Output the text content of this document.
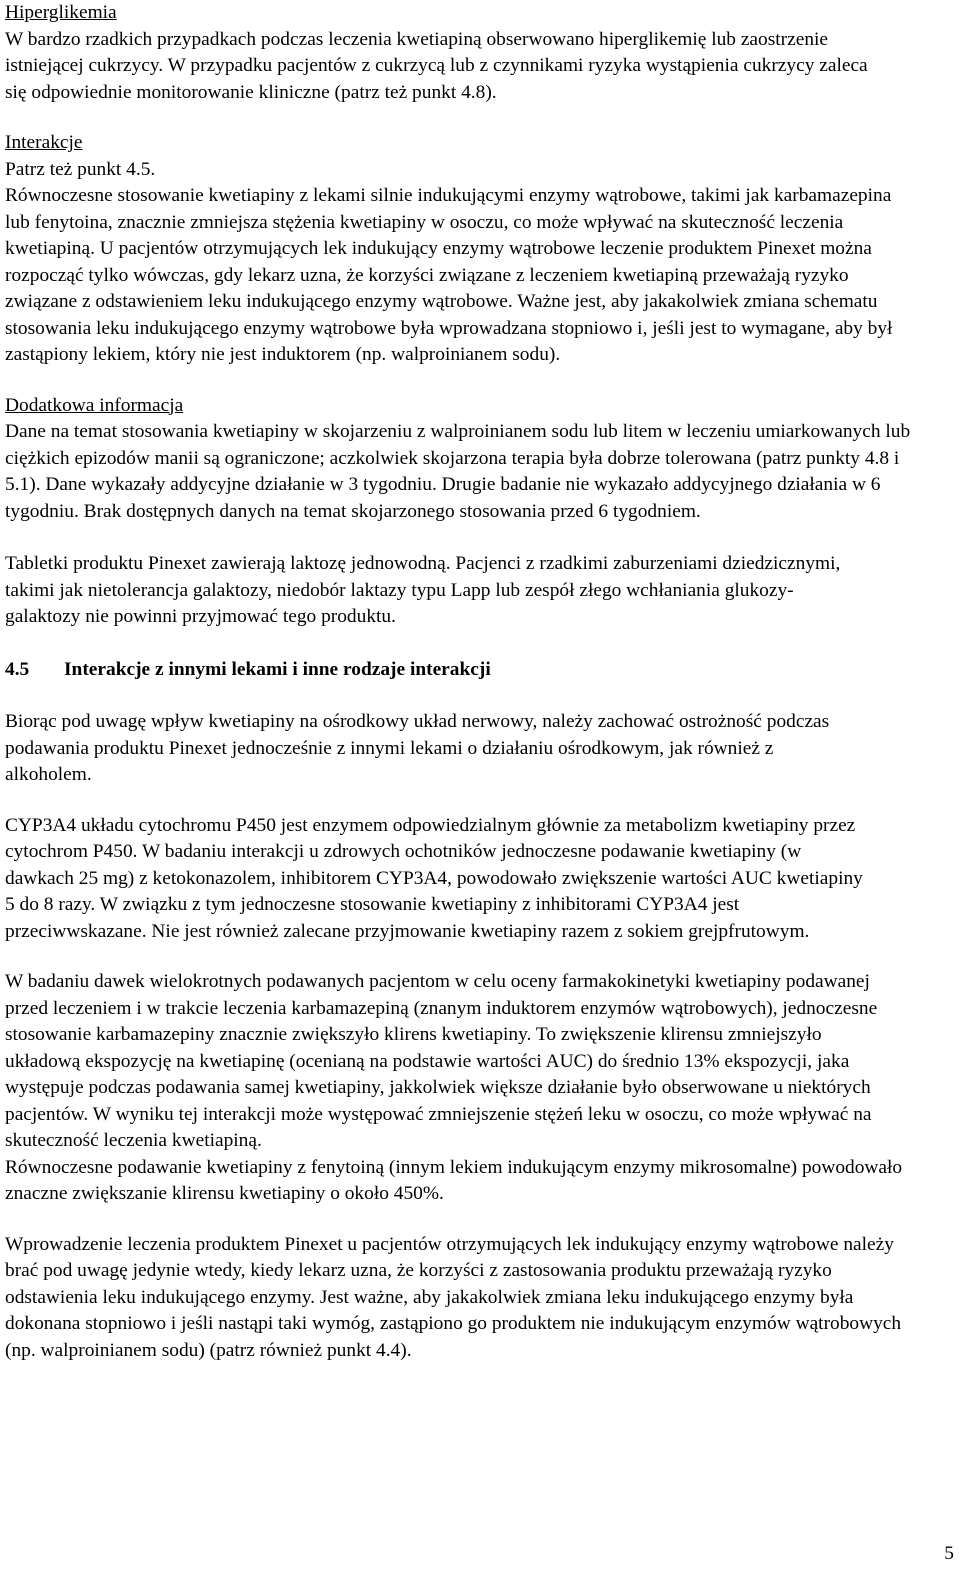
Hiperglikemia

W bardzo rzadkich przypadkach podczas leczenia kwetiapiną obserwowano hiperglikemię lub zaostrzenie istniejącej cukrzycy. W przypadku pacjentów z cukrzycą lub z czynnikami ryzyka wystąpienia cukrzycy zaleca się odpowiednie monitorowanie kliniczne (patrz też punkt 4.8).

Interakcje
Patrz też punkt 4.5.

Równoczesne stosowanie kwetiapiny z lekami silnie indukującymi enzymy wątrobowe, takimi jak karbamazepina lub fenytoina, znacznie zmniejsza stężenia kwetiapiny w osoczu, co może wpływać na skuteczność leczenia kwetiapiną. U pacjentów otrzymujących lek indukujący enzymy wątrobowe leczenie produktem Pinexet można rozpocząć tylko wówczas, gdy lekarz uzna, że korzyści związane z leczeniem kwetiapiną przeważają ryzyko związane z odstawieniem leku indukującego enzymy wątrobowe. Ważne jest, aby jakakolwiek zmiana schematu stosowania leku indukującego enzymy wątrobowe była wprowadzana stopniowo i, jeśli jest to wymagane, aby był zastąpiony lekiem, który nie jest induktorem (np. walproinianem sodu).

Dodatkowa informacja

Dane na temat stosowania kwetiapiny w skojarzeniu z walproinianem sodu lub litem w leczeniu umiarkowanych lub ciężkich epizodów manii są ograniczone; aczkolwiek skojarzona terapia była dobrze tolerowana (patrz punkty 4.8 i 5.1). Dane wykazały addycyjne działanie w 3 tygodniu. Drugie badanie nie wykazało addycyjnego działania w 6 tygodniu. Brak dostępnych danych na temat skojarzonego stosowania przed 6 tygodniem.

Tabletki produktu Pinexet zawierają laktozę jednowodną. Pacjenci z rzadkimi zaburzeniami dziedzicznymi, takimi jak nietolerancja galaktozy, niedobór laktazy typu Lapp lub zespół złego wchłaniania glukozy-galaktozy nie powinni przyjmować tego produktu.

4.5 Interakcje z innymi lekami i inne rodzaje interakcji

Biorąc pod uwagę wpływ kwetiapiny na ośrodkowy układ nerwowy, należy zachować ostrożność podczas podawania produktu Pinexet jednocześnie z innymi lekami o działaniu ośrodkowym, jak również z alkoholem.

CYP3A4 układu cytochromu P450 jest enzymem odpowiedzialnym głównie za metabolizm kwetiapiny przez cytochrom P450. W badaniu interakcji u zdrowych ochotników jednoczesne podawanie kwetiapiny (w dawkach 25 mg) z ketokonazolem, inhibitorem CYP3A4, powodowało zwiększenie wartości AUC kwetiapiny 5 do 8 razy. W związku z tym jednoczesne stosowanie kwetiapiny z inhibitorami CYP3A4 jest przeciwwskazane. Nie jest również zalecane przyjmowanie kwetiapiny razem z sokiem grejpfrutowym.

W badaniu dawek wielokrotnych podawanych pacjentom w celu oceny farmakokinetyki kwetiapiny podawanej przed leczeniem i w trakcie leczenia karbamazepiną (znanym induktorem enzymów wątrobowych), jednoczesne stosowanie karbamazepiny znacznie zwiększyło klirens kwetiapiny. To zwiększenie klirensu zmniejszyło układową ekspozycję na kwetiapinę (ocenianą na podstawie wartości AUC) do średnio 13% ekspozycji, jaka występuje podczas podawania samej kwetiapiny, jakkolwiek większe działanie było obserwowane u niektórych pacjentów. W wyniku tej interakcji może występować zmniejszenie stężeń leku w osoczu, co może wpływać na skuteczność leczenia kwetiapiną.

Równoczesne podawanie kwetiapiny z fenytoiną (innym lekiem indukującym enzymy mikrosomalne) powodowało znaczne zwiększanie klirensu kwetiapiny o około 450%.

Wprowadzenie leczenia produktem Pinexet u pacjentów otrzymujących lek indukujący enzymy wątrobowe należy brać pod uwagę jedynie wtedy, kiedy lekarz uzna, że korzyści z zastosowania produktu przeważają ryzyko odstawienia leku indukującego enzymy. Jest ważne, aby jakakolwiek zmiana leku indukującego enzymy była dokonana stopniowo i jeśli nastąpi taki wymóg, zastąpiono go produktem nie indukującym enzymów wątrobowych (np. walproinianem sodu) (patrz również punkt 4.4).

5
